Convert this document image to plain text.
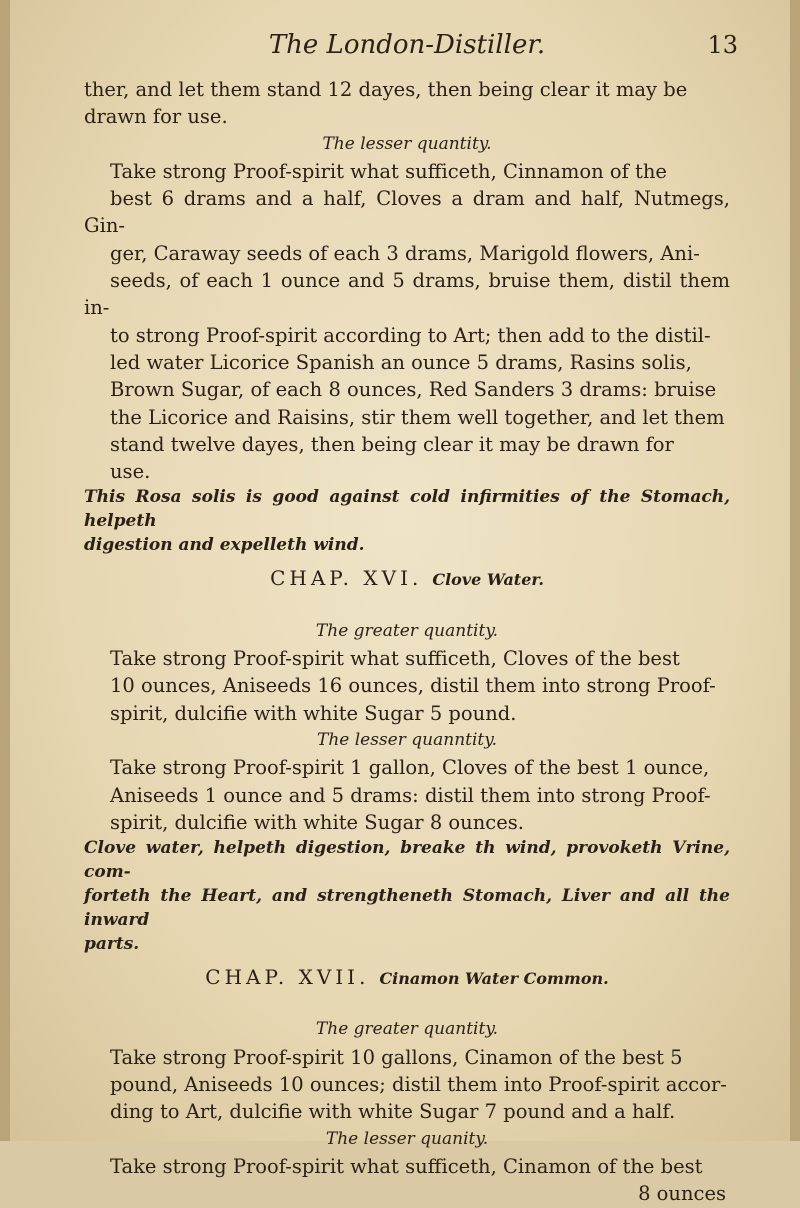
The London-Distiller.	13

ther, and let them stand 12 dayes, then being clear it may be
drawn for use.

The lesser quantity.

Take strong Proof-spirit what sufficeth, Cinnamon of the
best 6 drams and a half, Cloves a dram and half, Nutmegs, Gin-
ger, Caraway seeds of each 3 drams, Marigold flowers, Ani-
seeds, of each 1 ounce and 5 drams, bruise them, distil them in-
to strong Proof-spirit according to Art; then add to the distil-
led water Licorice Spanish an ounce 5 drams, Rasins solis,
Brown Sugar, of each 8 ounces, Red Sanders 3 drams: bruise
the Licorice and Raisins, stir them well together, and let them
stand twelve dayes, then being clear it may be drawn for
use.

This Rosa solis is good against cold infirmities of the Stomach, helpeth
digestion and expelleth wind.

CHAP. XVI. Clove Water.

The greater quantity.

Take strong Proof-spirit what sufficeth, Cloves of the best
10 ounces, Aniseeds 16 ounces, distil them into strong Proof-
spirit, dulcifie with white Sugar 5 pound.

The lesser quanntity.

Take strong Proof-spirit 1 gallon, Cloves of the best 1 ounce,
Aniseeds 1 ounce and 5 drams: distil them into strong Proof-
spirit, dulcifie with white Sugar 8 ounces.

Clove water, helpeth digestion, breake th wind, provoketh Vrine, com-
forteth the Heart, and strengtheneth Stomach, Liver and all the inward
parts.

CHAP. XVII. Cinamon Water Common.

The greater quantity.

Take strong Proof-spirit 10 gallons, Cinamon of the best 5
pound, Aniseeds 10 ounces; distil them into Proof-spirit accor-
ding to Art, dulcifie with white Sugar 7 pound and a half.

The lesser quanity.

Take strong Proof-spirit what sufficeth, Cinamon of the best

8 ounces
